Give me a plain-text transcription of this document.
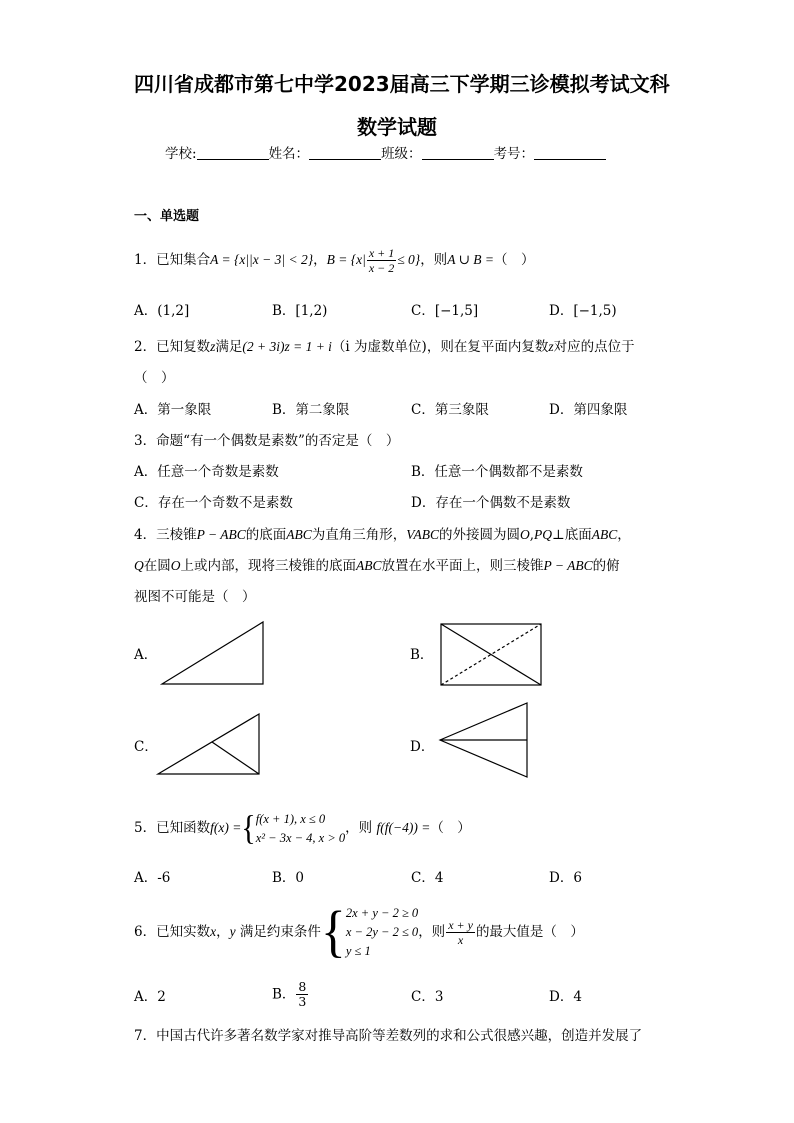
四川省成都市第七中学2023届高三下学期三诊模拟考试文科
数学试题
学校:	姓名：	班级：	考号：
一、单选题
1．已知集合A = {x||x − 3| < 2}，$B = \{x| \frac{x + 1}{x - 2} \le 0\}$，则A ∪ B =（　）
A．(1,2]	B．[1,2)	C．[−1,5]	D．[−1,5)
2．已知复数z满足(2 + 3i)z = 1 + i（i 为虚数单位)，则在复平面内复数z对应的点位于
（　）
A．第一象限	B．第二象限	C．第三象限	D．第四象限
3．命题“有一个偶数是素数”的否定是（　）
A．任意一个奇数是素数	B．任意一个偶数都不是素数
C．存在一个奇数不是素数	D．存在一个偶数不是素数
4．三棱锥P − ABC的底面ABC为直角三角形，VABC的外接圆为圆O,PQ⊥底面ABC，
Q在圆O上或内部，现将三棱锥的底面ABC放置在水平面上，则三棱锥P − ABC的俯
视图不可能是（　）
A．	B．
C．	D．
5．已知函数f(x) ={ f(x + 1), x ≤ 0
x² − 3x − 4, x > 0
，则 f(f(−4)) =（　）
A．-6	B．0	C．4	D．6
6．已知实数x，y 满足约束条件{ 2x + y − 2 ≥ 0
x − 2y − 2 ≤ 0
y ≤ 1
，则 $\frac{x + y}{x}$ 的最大值是（　）
A．2	B． $\frac{8}{3}$	C．3	D．4
7．中国古代许多著名数学家对推导高阶等差数列的求和公式很感兴趣，创造并发展了
